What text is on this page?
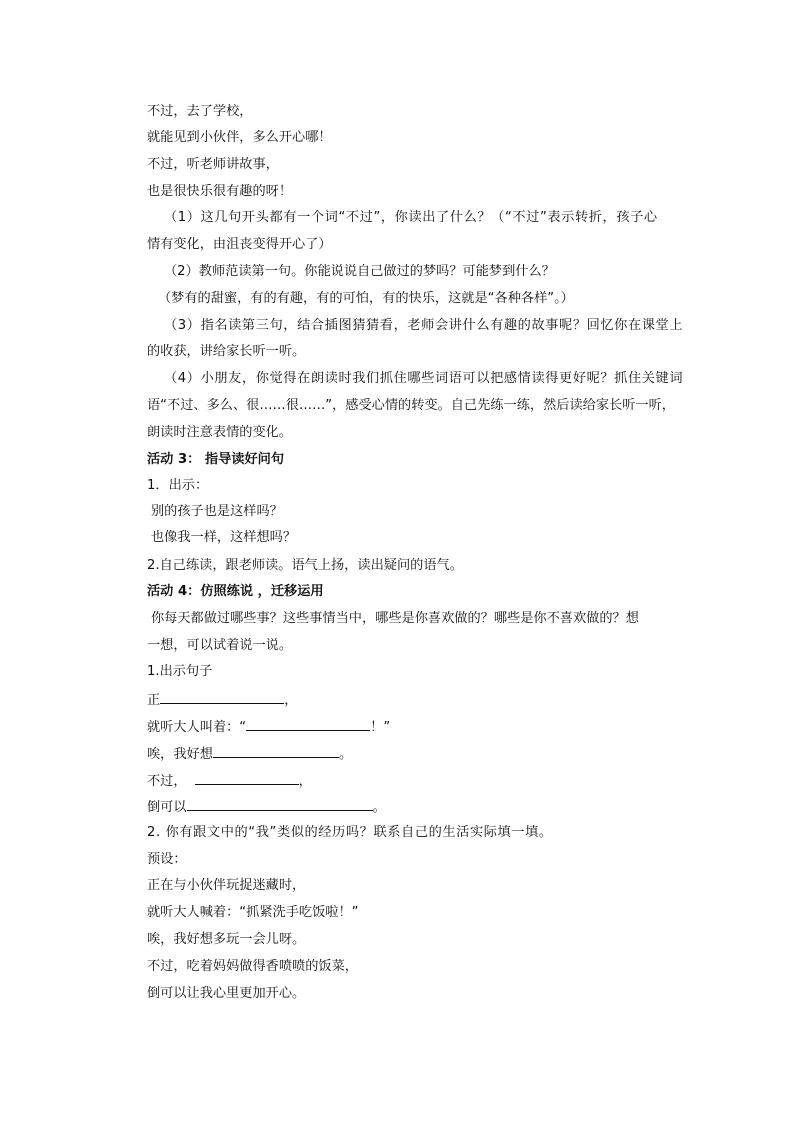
不过，去了学校，
就能见到小伙伴，多么开心哪！
不过，听老师讲故事，
也是很快乐很有趣的呀！
（1）这几句开头都有一个词“不过”，你读出了什么？（“不过”表示转折，孩子心
情有变化，由沮丧变得开心了）
（2）教师范读第一句。你能说说自己做过的梦吗？可能梦到什么？
（梦有的甜蜜，有的有趣，有的可怕，有的快乐，这就是“各种各样”。）
（3）指名读第三句，结合插图猜猜看，老师会讲什么有趣的故事呢？回忆你在课堂上
的收获，讲给家长听一听。
（4）小朋友，你觉得在朗读时我们抓住哪些词语可以把感情读得更好呢？抓住关键词
语“不过、多么、很……很……”，感受心情的转变。自己先练一练，然后读给家长听一听，
朗读时注意表情的变化。
活动 3： 指导读好问句
1．出示：
别的孩子也是这样吗？
也像我一样，这样想吗？
2.自己练读，跟老师读。语气上扬，读出疑问的语气。
活动 4：仿照练说 ，迁移运用
你每天都做过哪些事？这些事情当中，哪些是你喜欢做的？哪些是你不喜欢做的？想
一想，可以试着说一说。
1.出示句子
正	，
就听大人叫着：“	！”
唉，我好想	。
不过，	，
倒可以	。
2. 你有跟文中的“我”类似的经历吗？联系自己的生活实际填一填。
预设：
正在与小伙伴玩捉迷藏时，
就听大人喊着：“抓紧洗手吃饭啦！”
唉，我好想多玩一会儿呀。
不过，吃着妈妈做得香喷喷的饭菜，
倒可以让我心里更加开心。
